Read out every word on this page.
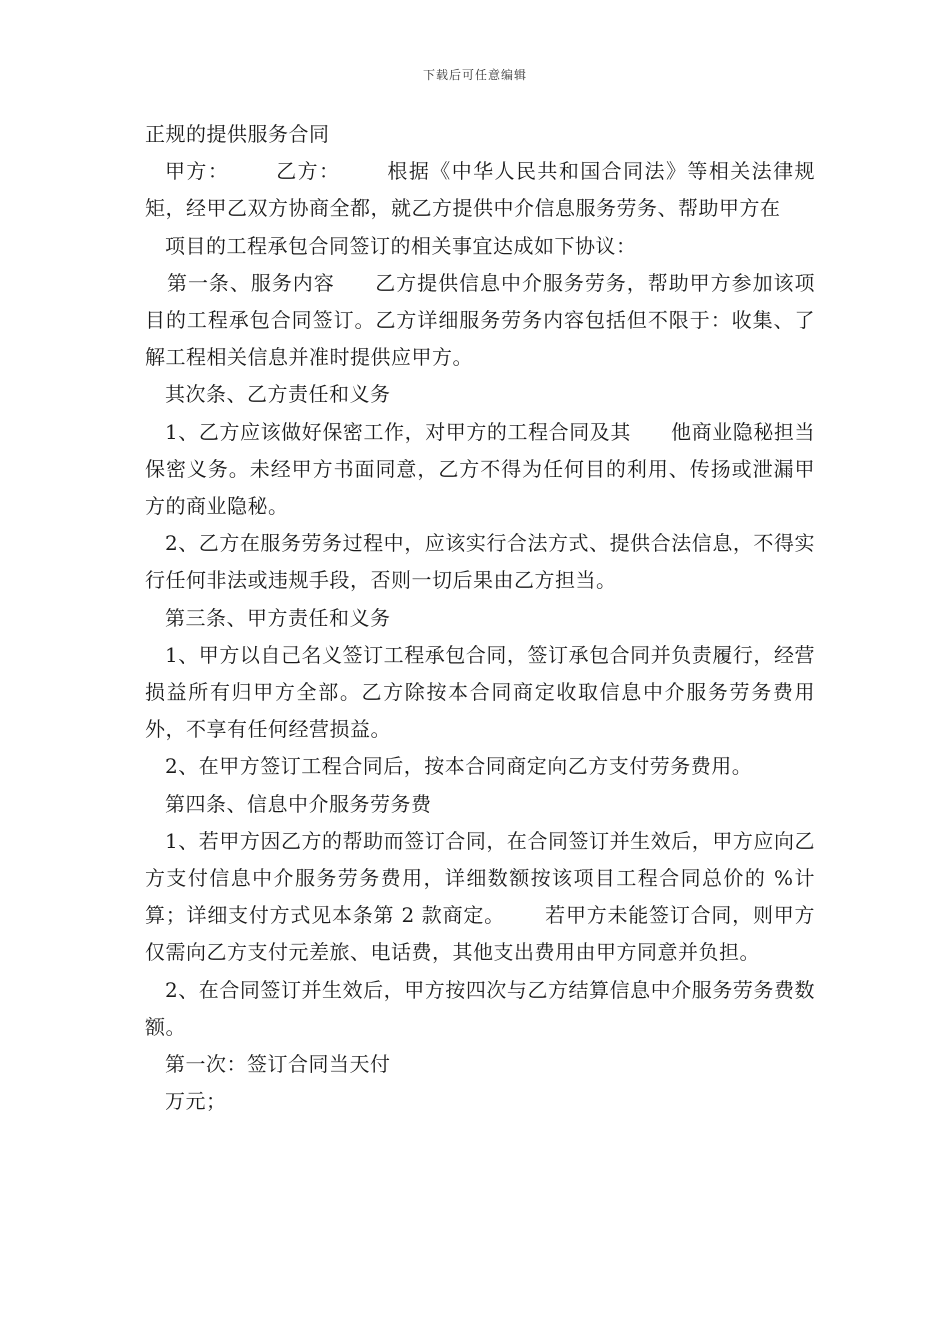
下载后可任意编辑

正规的提供服务合同

甲方： 乙方： 根据《中华人民共和国合同法》等相关法律规矩，经甲乙双方协商全都，就乙方提供中介信息服务劳务、帮助甲方在

项目的工程承包合同签订的相关事宜达成如下协议：

第一条、服务内容 乙方提供信息中介服务劳务，帮助甲方参加该项目的工程承包合同签订。乙方详细服务劳务内容包括但不限于：收集、了解工程相关信息并准时提供应甲方。

其次条、乙方责任和义务

1、乙方应该做好保密工作，对甲方的工程合同及其 他商业隐秘担当保密义务。未经甲方书面同意，乙方不得为任何目的利用、传扬或泄漏甲方的商业隐秘。

2、乙方在服务劳务过程中，应该实行合法方式、提供合法信息，不得实行任何非法或违规手段，否则一切后果由乙方担当。

第三条、甲方责任和义务

1、甲方以自己名义签订工程承包合同，签订承包合同并负责履行，经营损益所有归甲方全部。乙方除按本合同商定收取信息中介服务劳务费用外，不享有任何经营损益。

2、在甲方签订工程合同后，按本合同商定向乙方支付劳务费用。

第四条、信息中介服务劳务费

1、若甲方因乙方的帮助而签订合同，在合同签订并生效后，甲方应向乙方支付信息中介服务劳务费用，详细数额按该项目工程合同总价的 %计算；详细支付方式见本条第 2 款商定。 若甲方未能签订合同，则甲方仅需向乙方支付元差旅、电话费，其他支出费用由甲方同意并负担。

2、在合同签订并生效后，甲方按四次与乙方结算信息中介服务劳务费数额。

第一次：签订合同当天付

万元；
